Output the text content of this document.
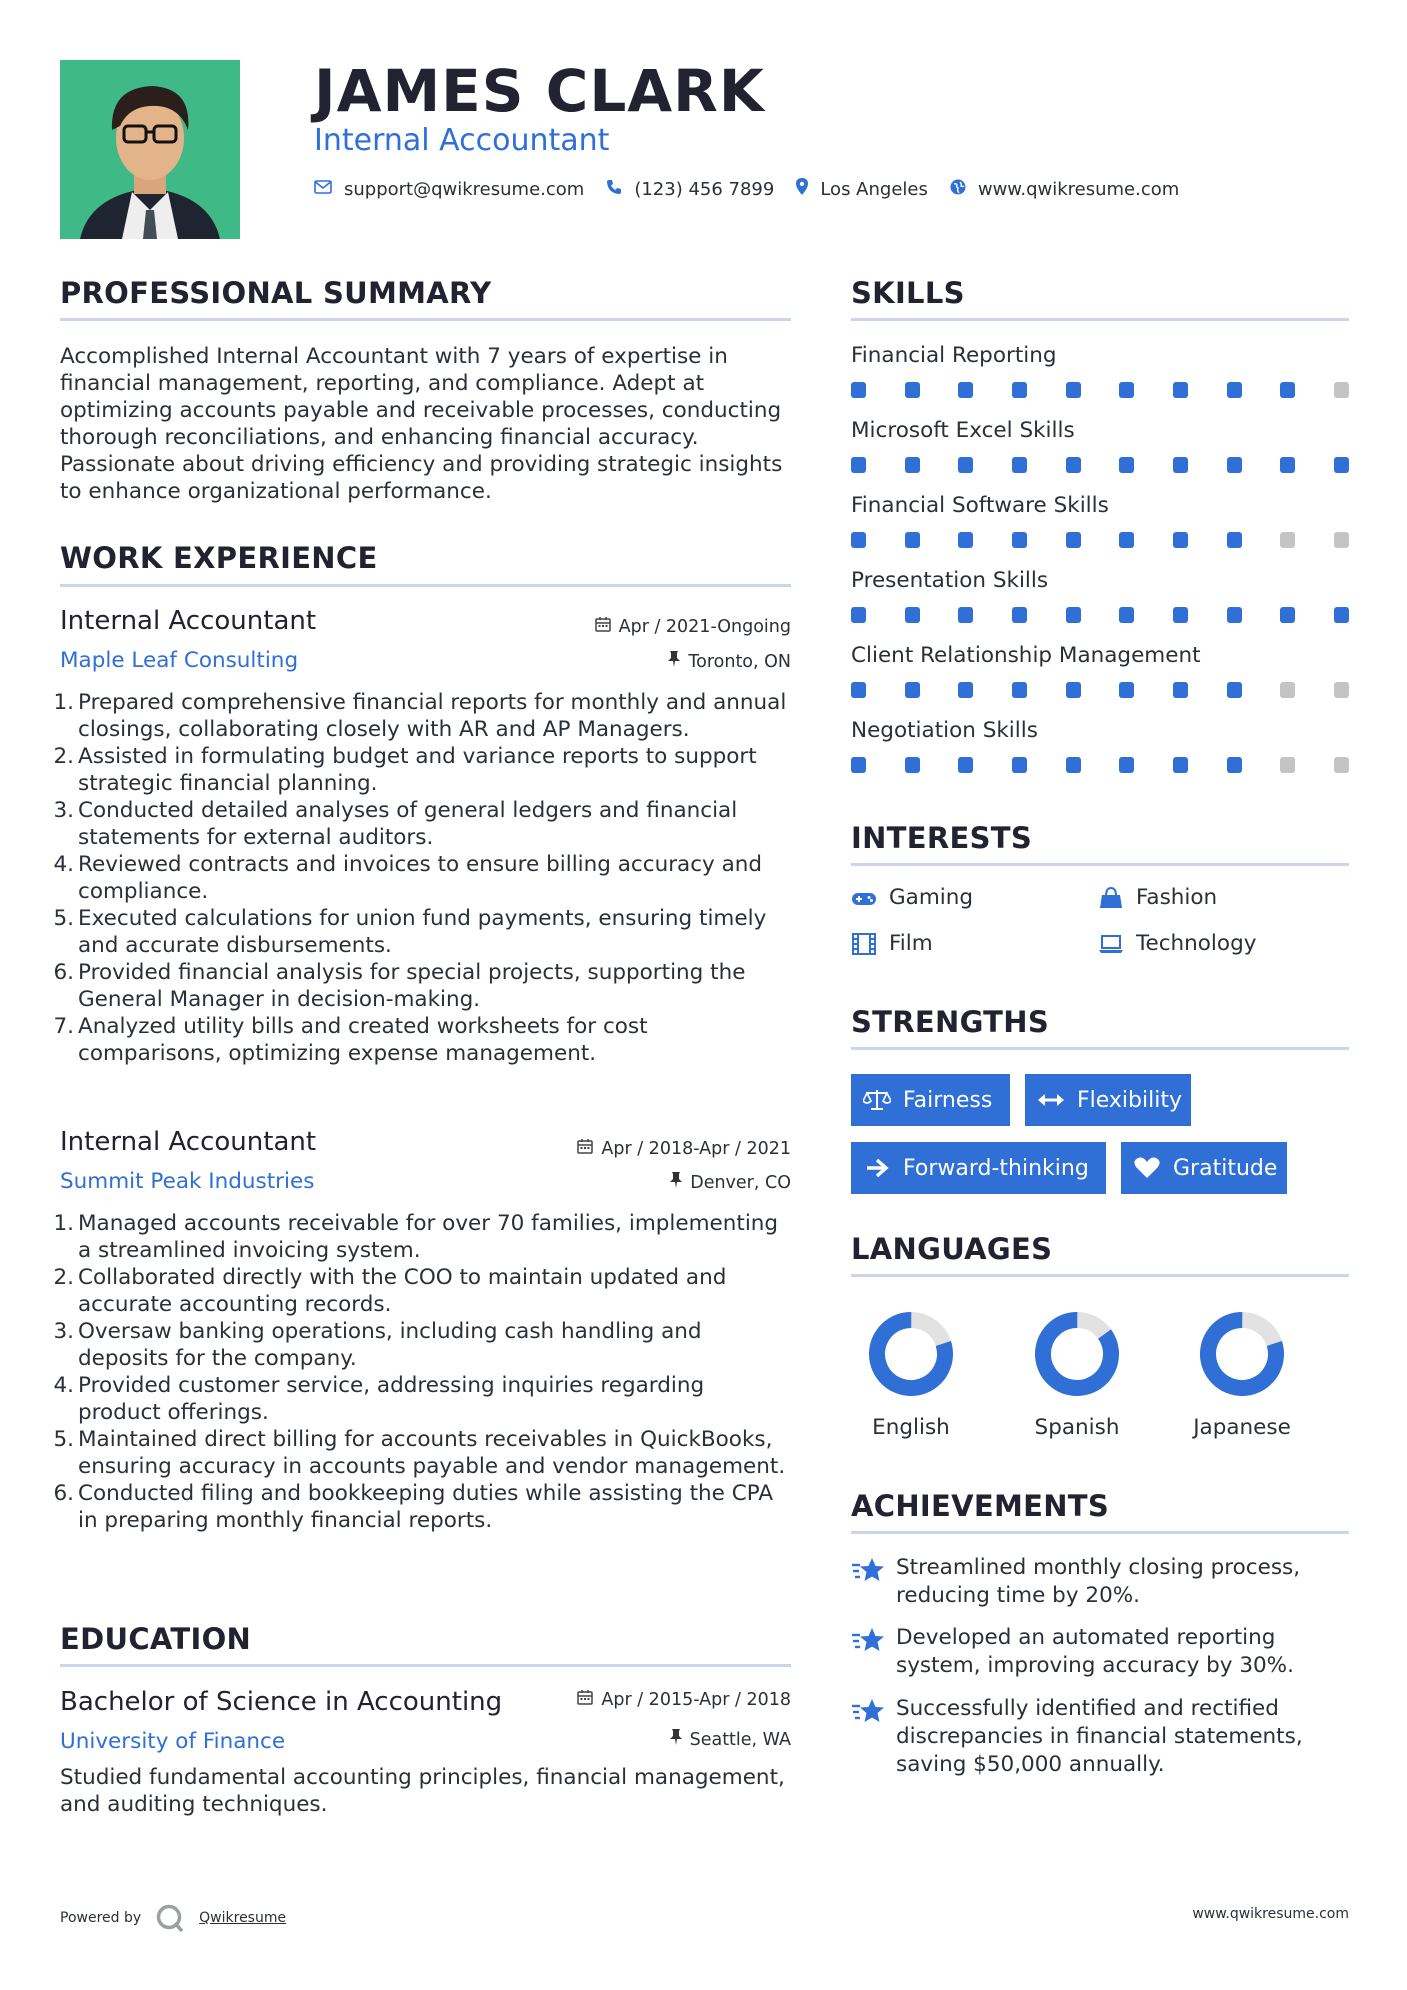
JAMES CLARK
Internal Accountant
support@qwikresume.com	(123) 456 7899	Los Angeles	www.qwikresume.com
PROFESSIONAL SUMMARY
Accomplished Internal Accountant with 7 years of expertise in financial management, reporting, and compliance. Adept at optimizing accounts payable and receivable processes, conducting thorough reconciliations, and enhancing financial accuracy. Passionate about driving efficiency and providing strategic insights to enhance organizational performance.
WORK EXPERIENCE
Internal Accountant
Maple Leaf Consulting
Apr / 2021-Ongoing
Toronto, ON
1. Prepared comprehensive financial reports for monthly and annual closings, collaborating closely with AR and AP Managers.
2. Assisted in formulating budget and variance reports to support strategic financial planning.
3. Conducted detailed analyses of general ledgers and financial statements for external auditors.
4. Reviewed contracts and invoices to ensure billing accuracy and compliance.
5. Executed calculations for union fund payments, ensuring timely and accurate disbursements.
6. Provided financial analysis for special projects, supporting the General Manager in decision-making.
7. Analyzed utility bills and created worksheets for cost comparisons, optimizing expense management.
Internal Accountant
Summit Peak Industries
Apr / 2018-Apr / 2021
Denver, CO
1. Managed accounts receivable for over 70 families, implementing a streamlined invoicing system.
2. Collaborated directly with the COO to maintain updated and accurate accounting records.
3. Oversaw banking operations, including cash handling and deposits for the company.
4. Provided customer service, addressing inquiries regarding product offerings.
5. Maintained direct billing for accounts receivables in QuickBooks, ensuring accuracy in accounts payable and vendor management.
6. Conducted filing and bookkeeping duties while assisting the CPA in preparing monthly financial reports.
EDUCATION
Bachelor of Science in Accounting
University of Finance
Apr / 2015-Apr / 2018
Seattle, WA
Studied fundamental accounting principles, financial management, and auditing techniques.
SKILLS
Financial Reporting
Microsoft Excel Skills
Financial Software Skills
Presentation Skills
Client Relationship Management
Negotiation Skills
INTERESTS
Gaming	Fashion
Film	Technology
STRENGTHS
Fairness	Flexibility
Forward-thinking	Gratitude
LANGUAGES
English	Spanish	Japanese
ACHIEVEMENTS
Streamlined monthly closing process, reducing time by 20%.
Developed an automated reporting system, improving accuracy by 30%.
Successfully identified and rectified discrepancies in financial statements, saving $50,000 annually.
Powered by	Qwikresume	www.qwikresume.com
